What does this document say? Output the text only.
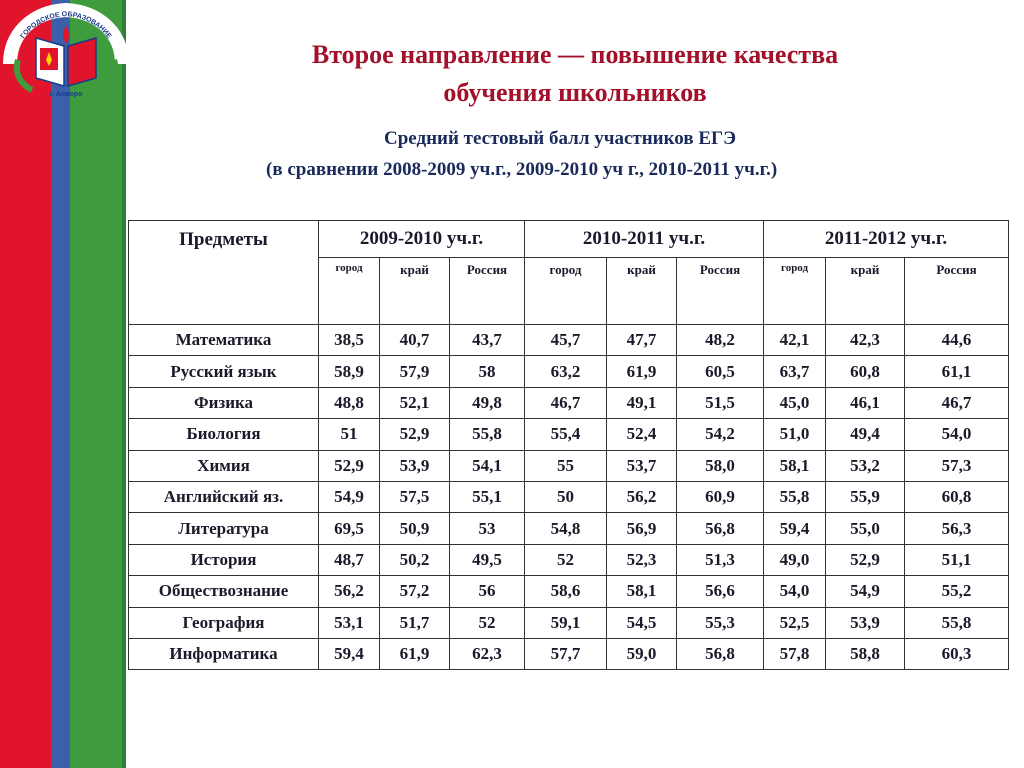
ГОРОДСКОЕ ОБРАЗОВАНИЕ
г. Анжеро
Второе направление — повышение качества
обучения школьников
Средний тестовый балл участников ЕГЭ
(в сравнении 2008-2009 уч.г., 2009-2010 уч г., 2010-2011 уч.г.)
Предметы	2009-2010 уч.г.			2010-2011 уч.г.			2011-2012 уч.г.		
	город	край	Россия	город	край	Россия	город	край	Россия
Математика	38,5	40,7	43,7	45,7	47,7	48,2	42,1	42,3	44,6
Русский язык	58,9	57,9	58	63,2	61,9	60,5	63,7	60,8	61,1
Физика	48,8	52,1	49,8	46,7	49,1	51,5	45,0	46,1	46,7
Биология	51	52,9	55,8	55,4	52,4	54,2	51,0	49,4	54,0
Химия	52,9	53,9	54,1	55	53,7	58,0	58,1	53,2	57,3
Английский яз.	54,9	57,5	55,1	50	56,2	60,9	55,8	55,9	60,8
Литература	69,5	50,9	53	54,8	56,9	56,8	59,4	55,0	56,3
История	48,7	50,2	49,5	52	52,3	51,3	49,0	52,9	51,1
Обществознание	56,2	57,2	56	58,6	58,1	56,6	54,0	54,9	55,2
География	53,1	51,7	52	59,1	54,5	55,3	52,5	53,9	55,8
Информатика	59,4	61,9	62,3	57,7	59,0	56,8	57,8	58,8	60,3
